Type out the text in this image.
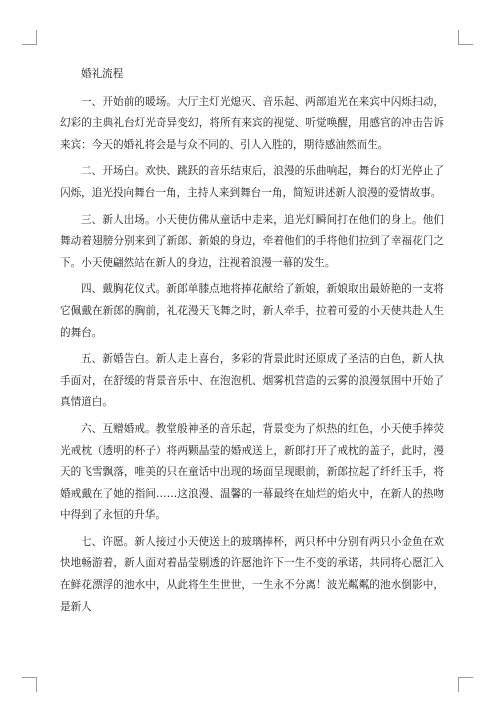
婚礼流程

一、开始前的暖场。大厅主灯光熄灭、音乐起、两部追光在来宾中闪烁扫动，幻彩的主典礼台灯光奇异变幻，将所有来宾的视觉、听觉唤醒，用感官的冲击告诉来宾：今天的婚礼将会是与众不同的、引人入胜的，期待感油然而生。

二、开场白。欢快、跳跃的音乐结束后，浪漫的乐曲响起，舞台的灯光停止了闪烁，追光投向舞台一角，主持人来到舞台一角，简短讲述新人浪漫的爱情故事。

三、新人出场。小天使仿佛从童话中走来，追光灯瞬间打在他们的身上。他们舞动着翅膀分别来到了新郎、新娘的身边，牵着他们的手将他们拉到了幸福花门之下。小天使翩然站在新人的身边，注视着浪漫一幕的发生。

四、戴胸花仪式。新郎单膝点地将捧花献给了新娘，新娘取出最娇艳的一支将它佩戴在新郎的胸前，礼花漫天飞舞之时，新人牵手，拉着可爱的小天使共赴人生的舞台。

五、新婚告白。新人走上喜台，多彩的背景此时还原成了圣洁的白色，新人执手面对，在舒缓的背景音乐中、在泡泡机、烟雾机营造的云雾的浪漫氛围中开始了真情道白。

六、互赠婚戒。教堂般神圣的音乐起，背景变为了炽热的红色，小天使手捧荧光戒枕（透明的杯子）将两颗晶莹的婚戒送上，新郎打开了戒枕的盖子，此时，漫天的飞雪飘落，唯美的只在童话中出现的场面呈现眼前，新郎拉起了纤纤玉手，将婚戒戴在了她的指间……这浪漫、温馨的一幕最终在灿烂的焰火中，在新人的热吻中得到了永恒的升华。

七、许愿。新人接过小天使送上的玻璃捧杯，两只杯中分别有两只小金鱼在欢快地畅游着，新人面对着晶莹剔透的许愿池许下一生不变的承诺，共同将心愿汇入在鲜花漂浮的池水中，从此将生生世世，一生永不分离！波光粼粼的池水倒影中，是新人
